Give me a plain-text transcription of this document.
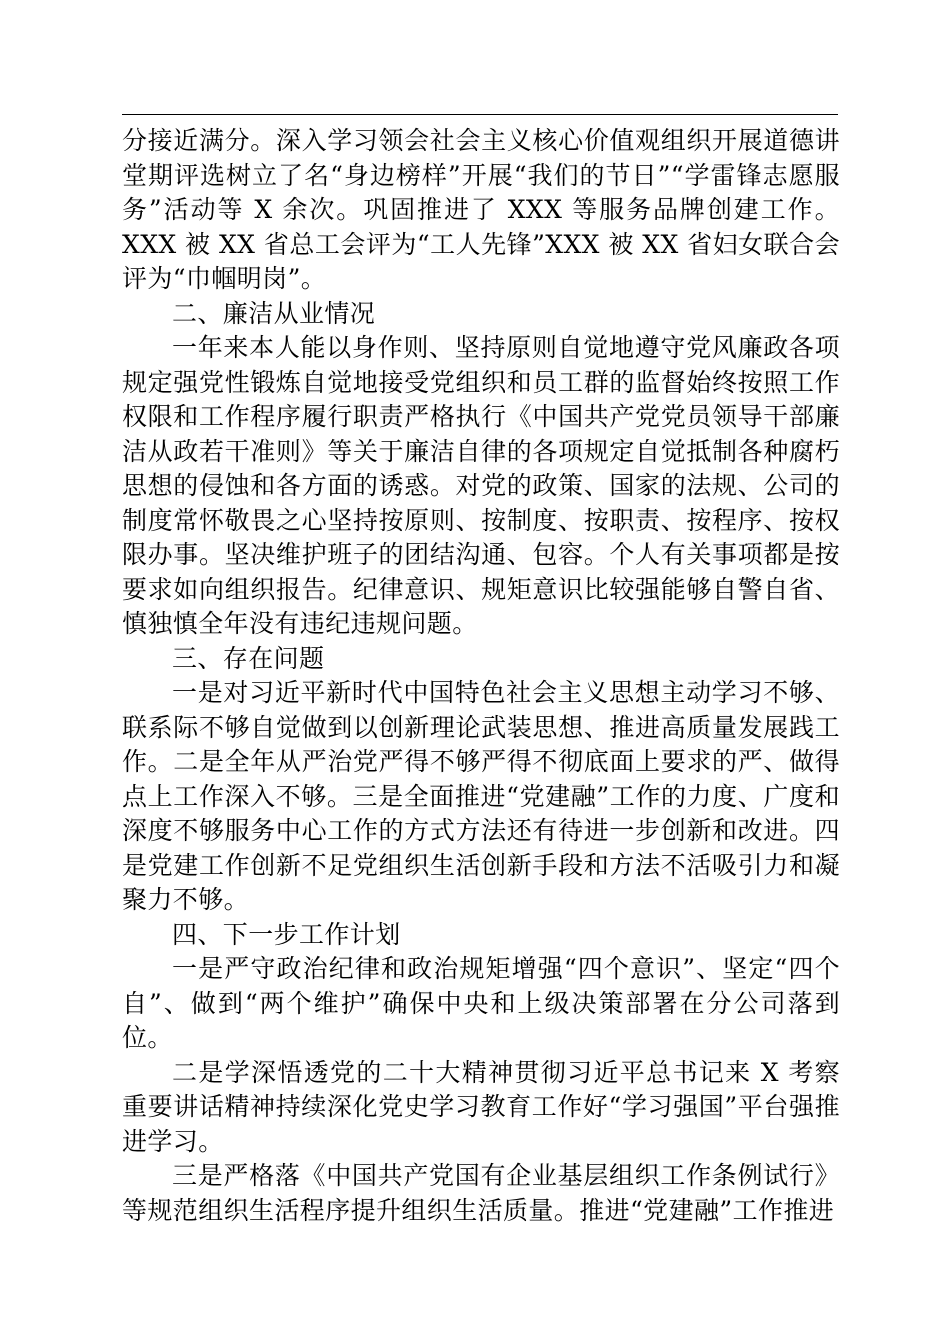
分接近满分。深入学习领会社会主义核心价值观组织开展道德讲堂期评选树立了名“身边榜样”开展“我们的节日”“学雷锋志愿服务”活动等 X 余次。巩固推进了 XXX 等服务品牌创建工作。XXX 被 XX 省总工会评为“工人先锋”XXX 被 XX 省妇女联合会评为“巾帼明岗”。

二、廉洁从业情况

一年来本人能以身作则、坚持原则自觉地遵守党风廉政各项规定强党性锻炼自觉地接受党组织和员工群的监督始终按照工作权限和工作程序履行职责严格执行《中国共产党党员领导干部廉洁从政若干准则》等关于廉洁自律的各项规定自觉抵制各种腐朽思想的侵蚀和各方面的诱惑。对党的政策、国家的法规、公司的制度常怀敬畏之心坚持按原则、按制度、按职责、按程序、按权限办事。坚决维护班子的团结沟通、包容。个人有关事项都是按要求如向组织报告。纪律意识、规矩意识比较强能够自警自省、慎独慎全年没有违纪违规问题。

三、存在问题

一是对习近平新时代中国特色社会主义思想主动学习不够、联系际不够自觉做到以创新理论武装思想、推进高质量发展践工作。二是全年从严治党严得不够严得不彻底面上要求的严、做得点上工作深入不够。三是全面推进“党建融”工作的力度、广度和深度不够服务中心工作的方式方法还有待进一步创新和改进。四是党建工作创新不足党组织生活创新手段和方法不活吸引力和凝聚力不够。

四、下一步工作计划

一是严守政治纪律和政治规矩增强“四个意识”、坚定“四个自”、做到“两个维护”确保中央和上级决策部署在分公司落到位。

二是学深悟透党的二十大精神贯彻习近平总书记来 X 考察重要讲话精神持续深化党史学习教育工作好“学习强国”平台强推进学习。

三是严格落《中国共产党国有企业基层组织工作条例试行》等规范组织生活程序提升组织生活质量。推进“党建融”工作推进
